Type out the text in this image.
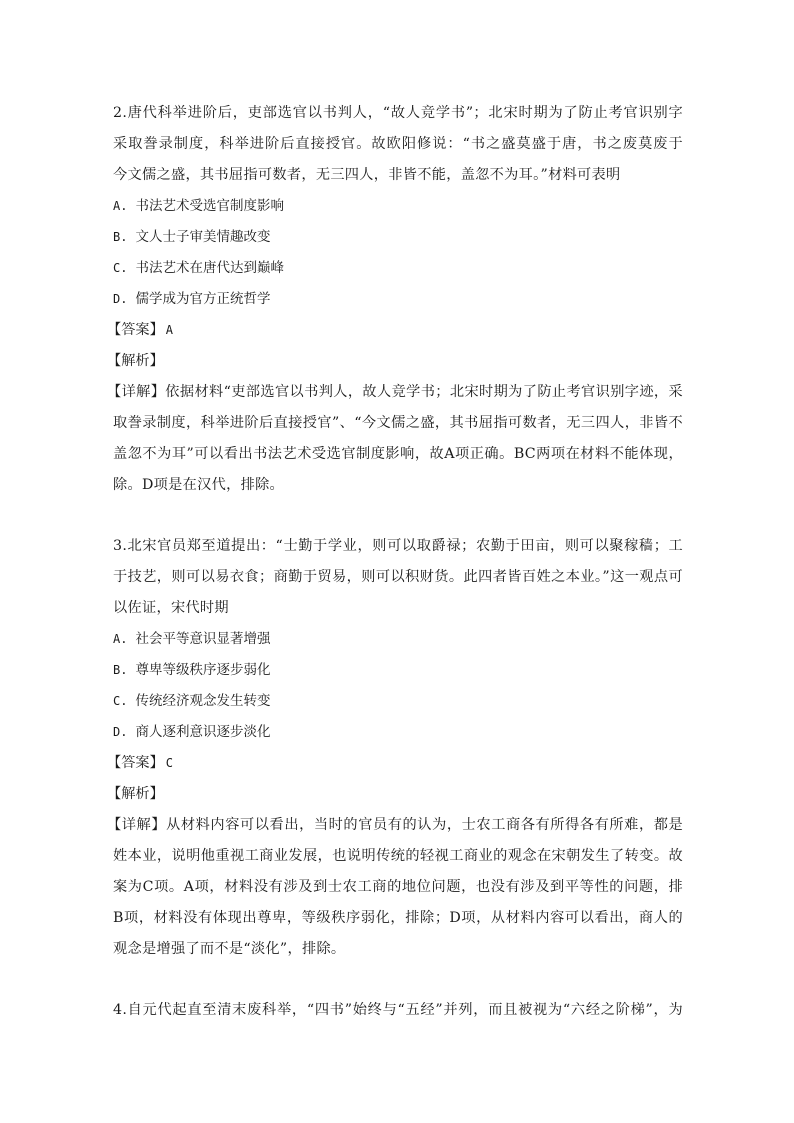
2.唐代科举进阶后，吏部选官以书判人，“故人竞学书”；北宋时期为了防止考官识别字
采取誊录制度，科举进阶后直接授官。故欧阳修说：“书之盛莫盛于唐，书之废莫废于
今文儒之盛，其书屈指可数者，无三四人，非皆不能，盖忽不为耳。”材料可表明
A. 书法艺术受选官制度影响
B. 文人士子审美情趣改变
C. 书法艺术在唐代达到巅峰
D. 儒学成为官方正统哲学
【答案】 A
【解析】
【详解】依据材料“吏部选官以书判人，故人竞学书；北宋时期为了防止考官识别字迹，采
取誊录制度，科举进阶后直接授官”、“今文儒之盛，其书屈指可数者，无三四人，非皆不
盖忽不为耳”可以看出书法艺术受选官制度影响，故A项正确。BC两项在材料不能体现，
除。D项是在汉代，排除。
3.北宋官员郑至道提出：“士勤于学业，则可以取爵禄；农勤于田亩，则可以聚稼穑；工
于技艺，则可以易衣食；商勤于贸易，则可以积财货。此四者皆百姓之本业。”这一观点可
以佐证，宋代时期
A. 社会平等意识显著增强
B. 尊卑等级秩序逐步弱化
C. 传统经济观念发生转变
D. 商人逐利意识逐步淡化
【答案】 C
【解析】
【详解】从材料内容可以看出，当时的官员有的认为，士农工商各有所得各有所难，都是
姓本业，说明他重视工商业发展，也说明传统的轻视工商业的观念在宋朝发生了转变。故
案为C项。A项，材料没有涉及到士农工商的地位问题，也没有涉及到平等性的问题，排
B项，材料没有体现出尊卑，等级秩序弱化，排除；D项，从材料内容可以看出，商人的
观念是增强了而不是“淡化”，排除。
4.自元代起直至清末废科举，“四书”始终与“五经”并列，而且被视为“六经之阶梯”，为
